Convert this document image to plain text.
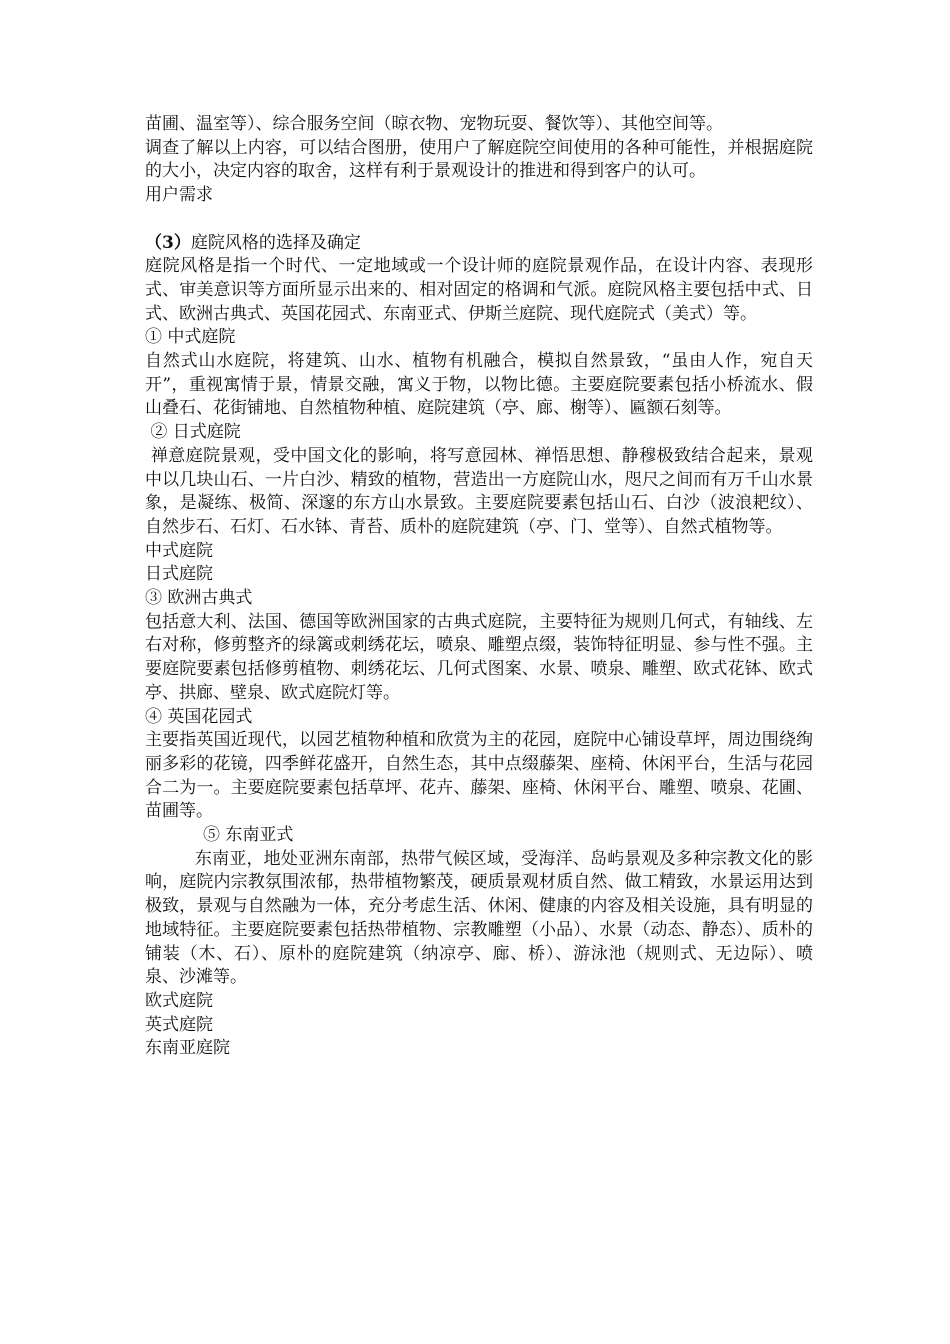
苗圃、温室等）、综合服务空间（晾衣物、宠物玩耍、餐饮等）、其他空间等。
调查了解以上内容，可以结合图册，使用户了解庭院空间使用的各种可能性，并根据庭院的大小，决定内容的取舍，这样有利于景观设计的推进和得到客户的认可。
用户需求
（3）庭院风格的选择及确定
庭院风格是指一个时代、一定地域或一个设计师的庭院景观作品，在设计内容、表现形式、审美意识等方面所显示出来的、相对固定的格调和气派。庭院风格主要包括中式、日式、欧洲古典式、英国花园式、东南亚式、伊斯兰庭院、现代庭院式（美式）等。
① 中式庭院
自然式山水庭院，将建筑、山水、植物有机融合，模拟自然景致，“虽由人作，宛自天开”，重视寓情于景，情景交融，寓义于物，以物比德。主要庭院要素包括小桥流水、假山叠石、花街铺地、自然植物种植、庭院建筑（亭、廊、榭等）、匾额石刻等。
② 日式庭院
禅意庭院景观，受中国文化的影响，将写意园林、禅悟思想、静穆极致结合起来，景观中以几块山石、一片白沙、精致的植物，营造出一方庭院山水，咫尺之间而有万千山水景象，是凝练、极简、深邃的东方山水景致。主要庭院要素包括山石、白沙（波浪耙纹）、自然步石、石灯、石水钵、青苔、质朴的庭院建筑（亭、门、堂等）、自然式植物等。
中式庭院
日式庭院
③ 欧洲古典式
包括意大利、法国、德国等欧洲国家的古典式庭院，主要特征为规则几何式，有轴线、左右对称，修剪整齐的绿篱或刺绣花坛，喷泉、雕塑点缀，装饰特征明显、参与性不强。主要庭院要素包括修剪植物、刺绣花坛、几何式图案、水景、喷泉、雕塑、欧式花钵、欧式亭、拱廊、壁泉、欧式庭院灯等。
④ 英国花园式
主要指英国近现代，以园艺植物种植和欣赏为主的花园，庭院中心铺设草坪，周边围绕绚丽多彩的花镜，四季鲜花盛开，自然生态，其中点缀藤架、座椅、休闲平台，生活与花园合二为一。主要庭院要素包括草坪、花卉、藤架、座椅、休闲平台、雕塑、喷泉、花圃、苗圃等。
⑤ 东南亚式
东南亚，地处亚洲东南部，热带气候区域，受海洋、岛屿景观及多种宗教文化的影响，庭院内宗教氛围浓郁，热带植物繁茂，硬质景观材质自然、做工精致，水景运用达到极致，景观与自然融为一体，充分考虑生活、休闲、健康的内容及相关设施，具有明显的地域特征。主要庭院要素包括热带植物、宗教雕塑（小品）、水景（动态、静态）、质朴的铺装（木、石）、原朴的庭院建筑（纳凉亭、廊、桥）、游泳池（规则式、无边际）、喷泉、沙滩等。
欧式庭院
英式庭院
东南亚庭院
